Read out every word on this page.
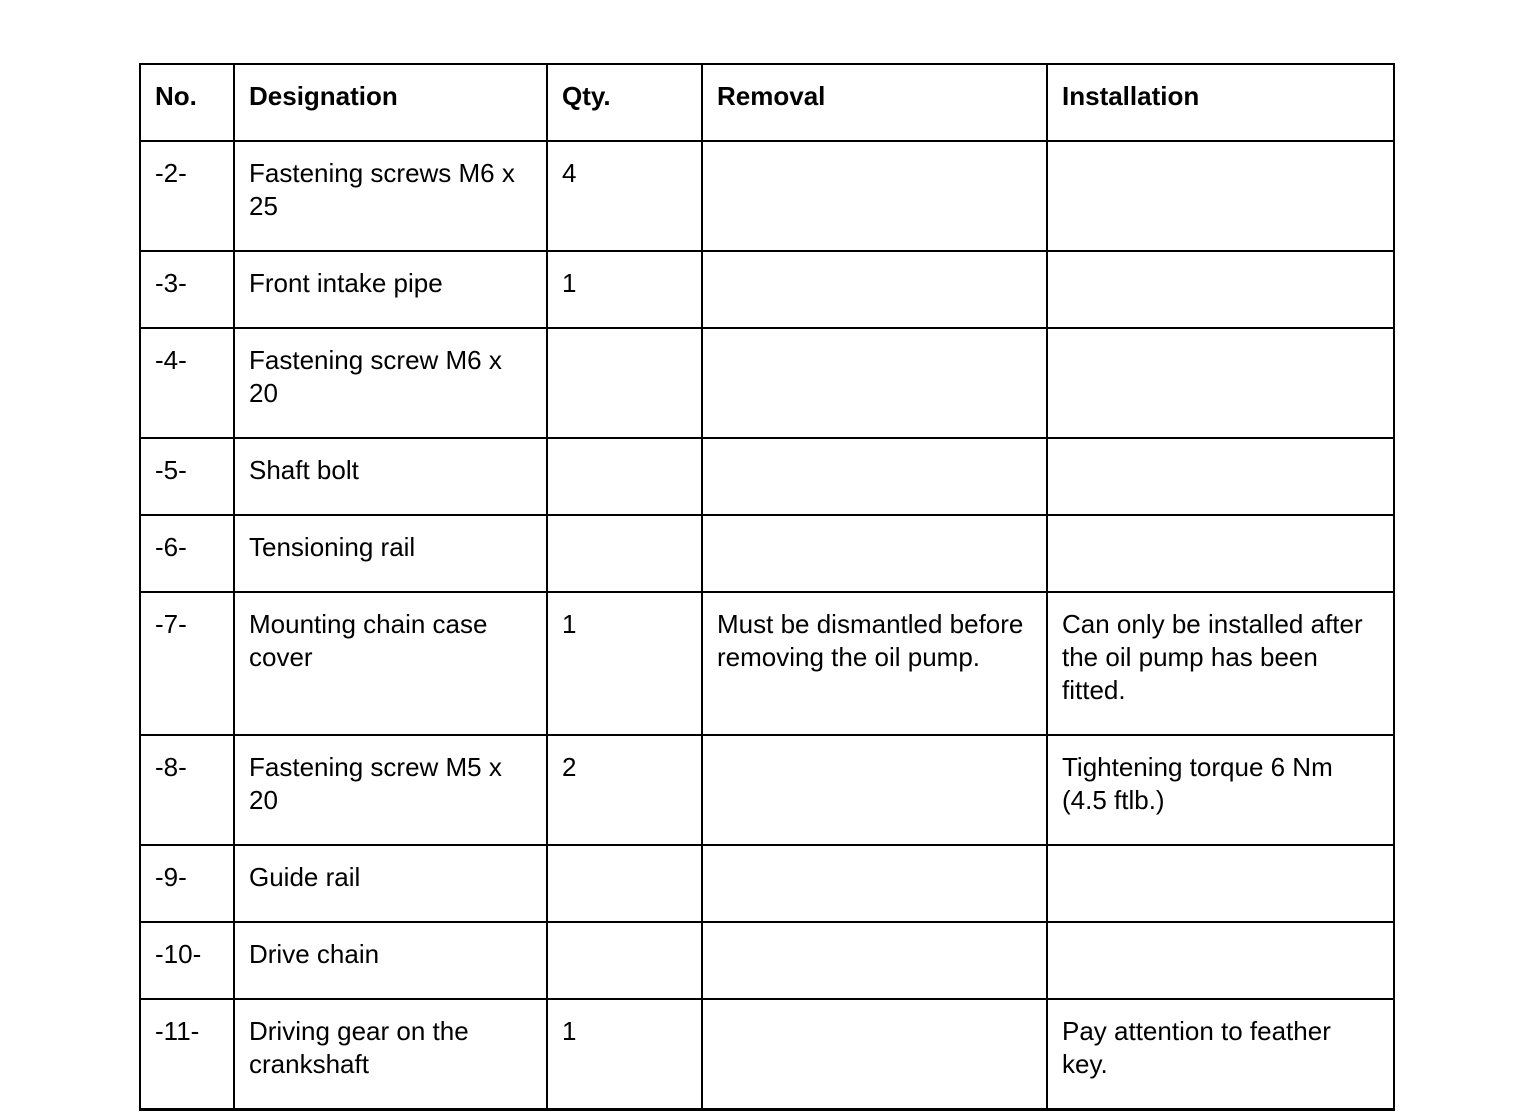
No.	Designation	Qty.	Removal	Installation
-2-	Fastening screws M6 x 25	4		
-3-	Front intake pipe	1		
-4-	Fastening screw M6 x 20			
-5-	Shaft bolt			
-6-	Tensioning rail			
-7-	Mounting chain case cover	1	Must be dismantled before removing the oil pump.	Can only be installed after the oil pump has been fitted.
-8-	Fastening screw M5 x 20	2		Tightening torque 6 Nm (4.5 ftlb.)
-9-	Guide rail			
-10-	Drive chain			
-11-	Driving gear on the crankshaft	1		Pay attention to feather key.
